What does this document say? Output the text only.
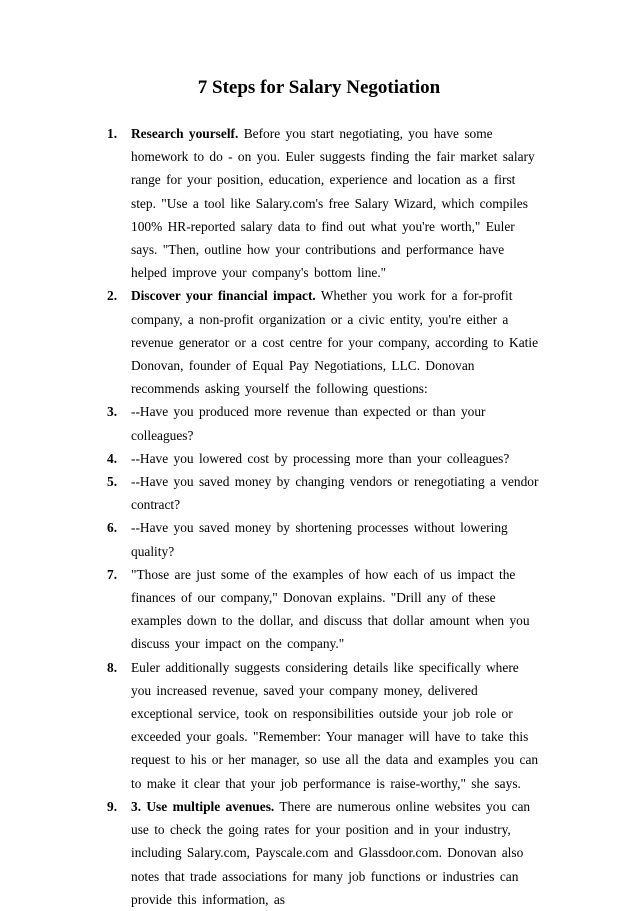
7 Steps for Salary Negotiation
1. Research yourself. Before you start negotiating, you have some homework to do - on you. Euler suggests finding the fair market salary range for your position, education, experience and location as a first step. "Use a tool like Salary.com's free Salary Wizard, which compiles 100% HR-reported salary data to find out what you're worth," Euler says. "Then, outline how your contributions and performance have helped improve your company's bottom line."
2. Discover your financial impact. Whether you work for a for-profit company, a non-profit organization or a civic entity, you're either a revenue generator or a cost centre for your company, according to Katie Donovan, founder of Equal Pay Negotiations, LLC. Donovan recommends asking yourself the following questions:
3. --Have you produced more revenue than expected or than your colleagues?
4. --Have you lowered cost by processing more than your colleagues?
5. --Have you saved money by changing vendors or renegotiating a vendor contract?
6. --Have you saved money by shortening processes without lowering quality?
7. "Those are just some of the examples of how each of us impact the finances of our company," Donovan explains. "Drill any of these examples down to the dollar, and discuss that dollar amount when you discuss your impact on the company."
8. Euler additionally suggests considering details like specifically where you increased revenue, saved your company money, delivered exceptional service, took on responsibilities outside your job role or exceeded your goals. "Remember: Your manager will have to take this request to his or her manager, so use all the data and examples you can to make it clear that your job performance is raise-worthy," she says.
9. 3. Use multiple avenues. There are numerous online websites you can use to check the going rates for your position and in your industry, including Salary.com, Payscale.com and Glassdoor.com. Donovan also notes that trade associations for many job functions or industries can provide this information, as
